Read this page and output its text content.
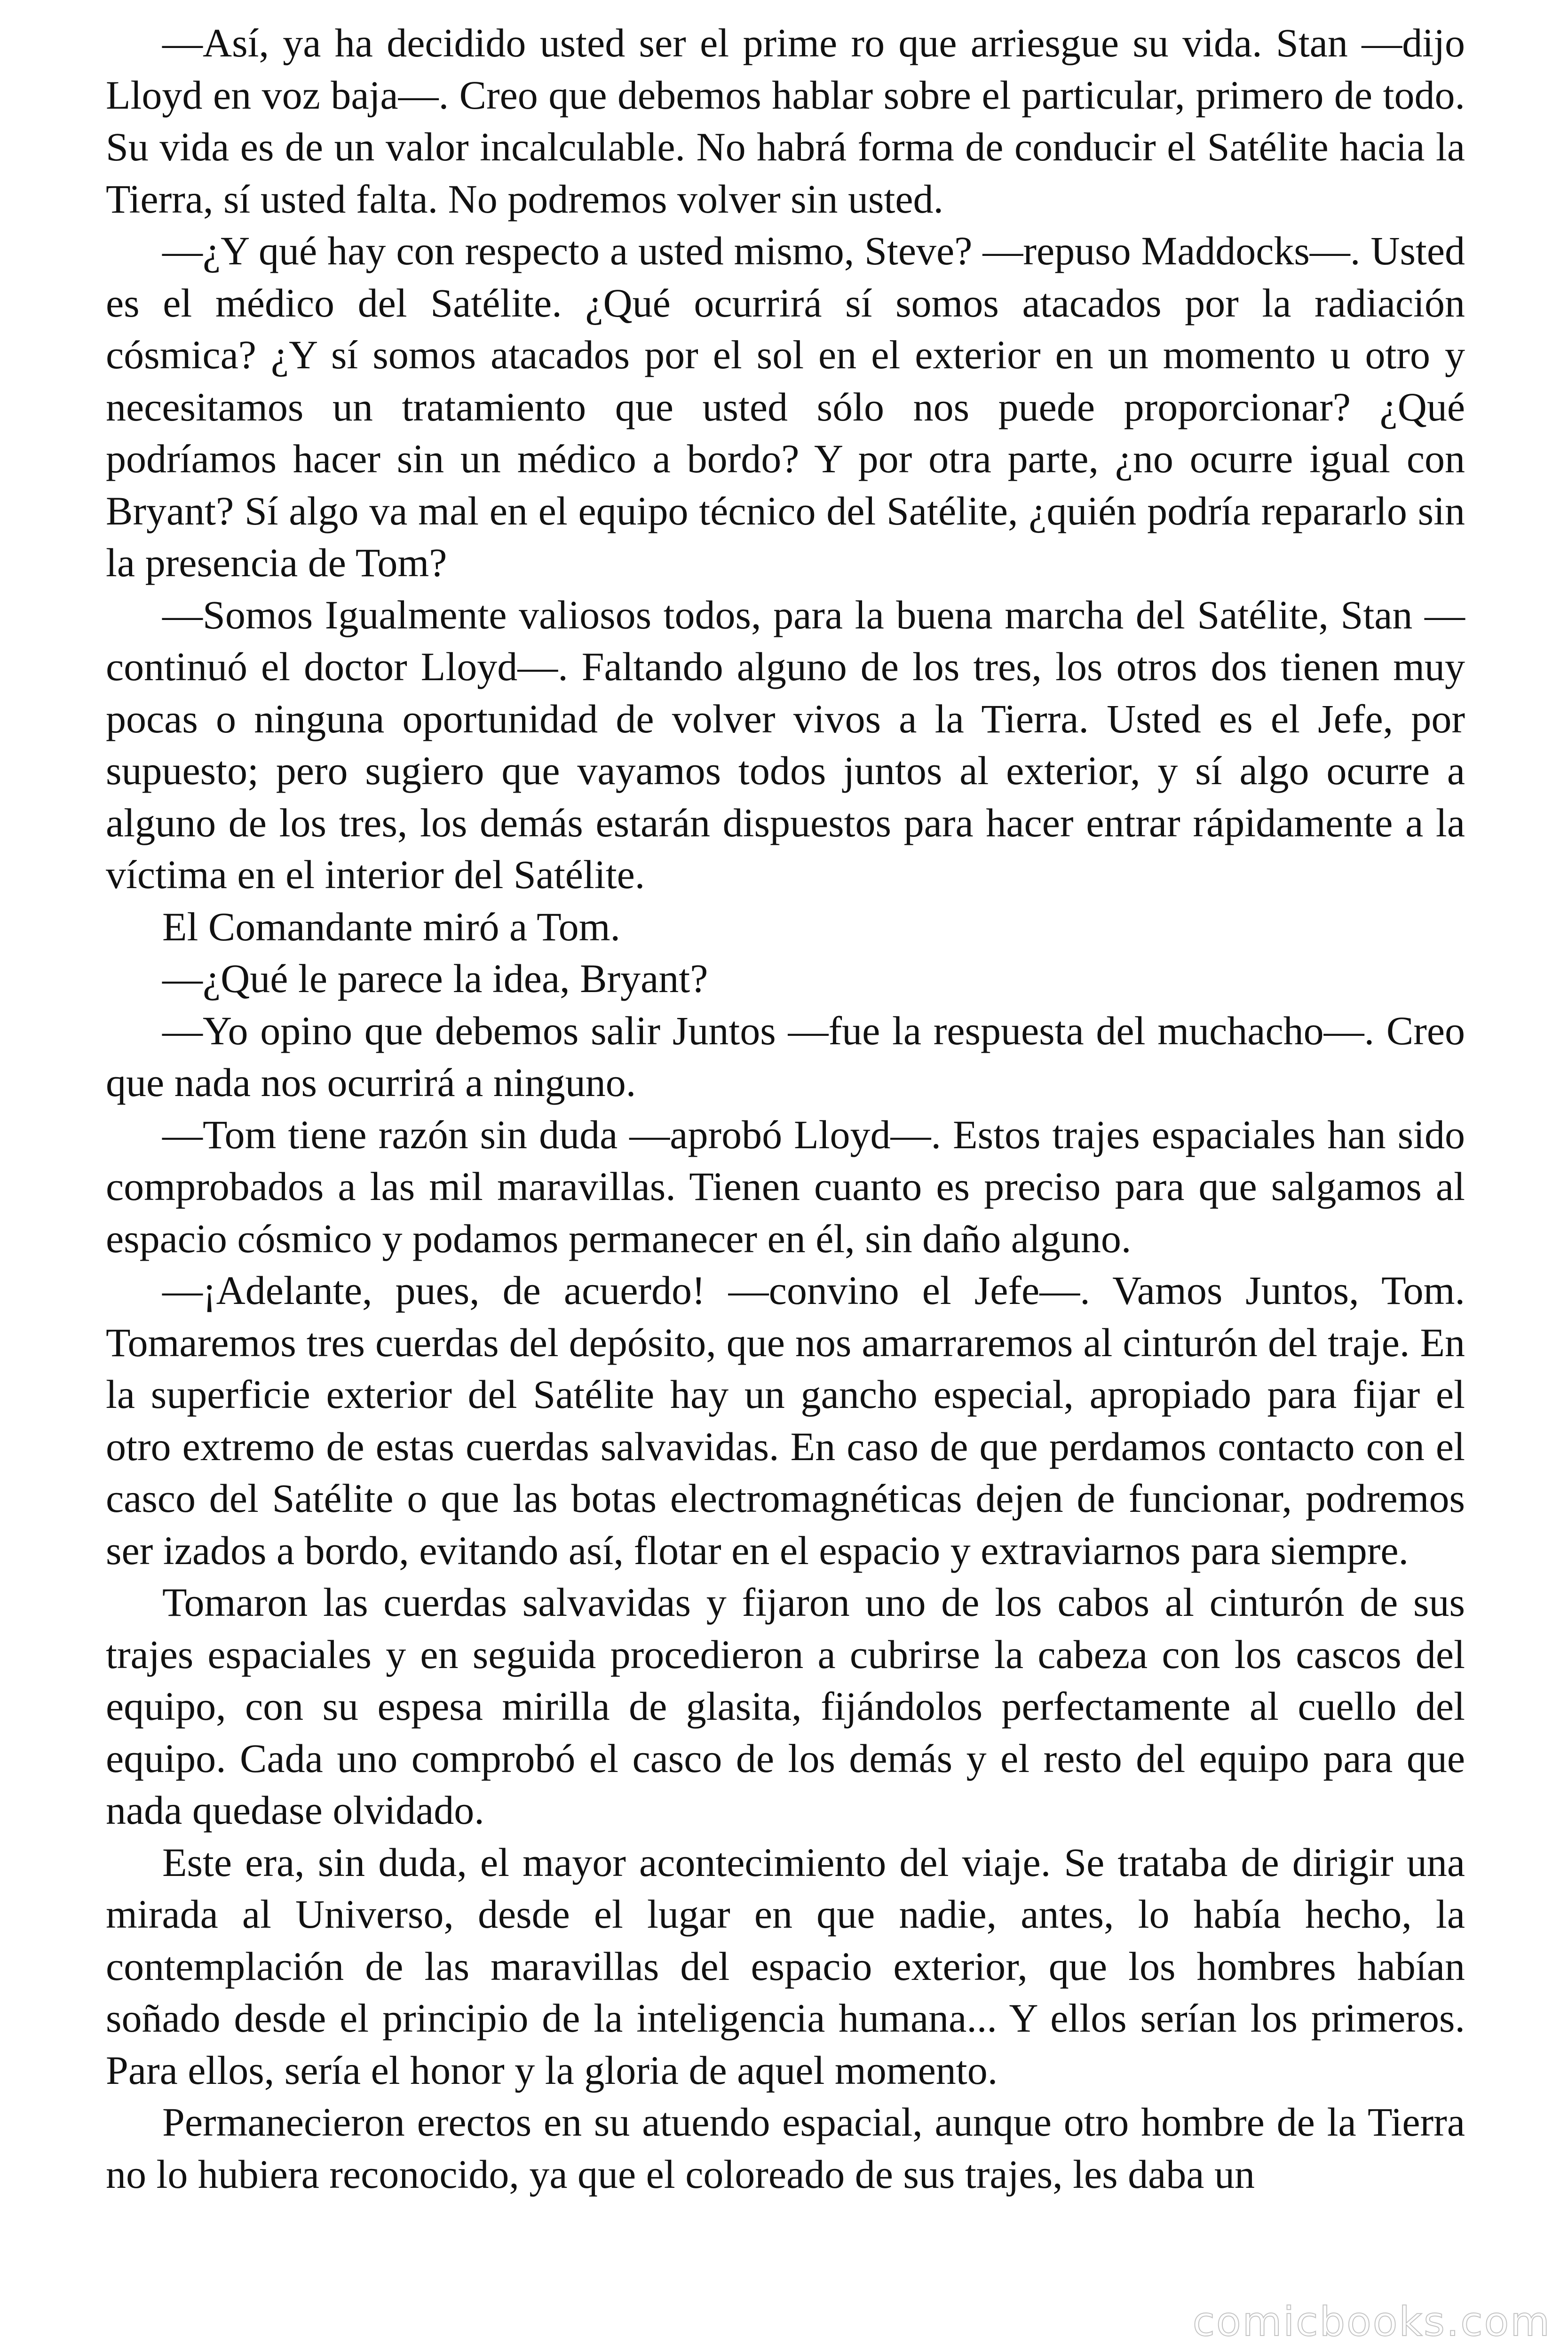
—Así, ya ha decidido usted ser el prime ro que arriesgue su vida. Stan —dijo Lloyd en voz baja—. Creo que debemos hablar sobre el particular, primero de todo. Su vida es de un valor incalculable. No habrá forma de conducir el Satélite hacia la Tierra, sí usted falta. No podremos volver sin usted.

—¿Y qué hay con respecto a usted mismo, Steve? —repuso Maddocks—. Usted es el médico del Satélite. ¿Qué ocurrirá sí somos atacados por la radiación cósmica? ¿Y sí somos atacados por el sol en el exterior en un momento u otro y necesitamos un tratamiento que usted sólo nos puede proporcionar? ¿Qué podríamos hacer sin un médico a bordo? Y por otra parte, ¿no ocurre igual con Bryant? Sí algo va mal en el equipo técnico del Satélite, ¿quién podría repararlo sin la presencia de Tom?

—Somos Igualmente valiosos todos, para la buena marcha del Satélite, Stan —continuó el doctor Lloyd—. Faltando alguno de los tres, los otros dos tienen muy pocas o ninguna oportunidad de volver vivos a la Tierra. Usted es el Jefe, por supuesto; pero sugiero que vayamos todos juntos al exterior, y sí algo ocurre a alguno de los tres, los demás estarán dispuestos para hacer entrar rápidamente a la víctima en el interior del Satélite.

El Comandante miró a Tom.

—¿Qué le parece la idea, Bryant?

—Yo opino que debemos salir Juntos —fue la respuesta del muchacho—. Creo que nada nos ocurrirá a ninguno.

—Tom tiene razón sin duda —aprobó Lloyd—. Estos trajes espaciales han sido comprobados a las mil maravillas. Tienen cuanto es preciso para que salgamos al espacio cósmico y podamos permanecer en él, sin daño alguno.

—¡Adelante, pues, de acuerdo! —convino el Jefe—. Vamos Juntos, Tom. Tomaremos tres cuerdas del depósito, que nos amarraremos al cinturón del traje. En la superficie exterior del Satélite hay un gancho especial, apropiado para fijar el otro extremo de estas cuerdas salvavidas. En caso de que perdamos contacto con el casco del Satélite o que las botas electromagnéticas dejen de funcionar, podremos ser izados a bordo, evitando así, flotar en el espacio y extraviarnos para siempre.

Tomaron las cuerdas salvavidas y fijaron uno de los cabos al cinturón de sus trajes espaciales y en seguida procedieron a cubrirse la cabeza con los cascos del equipo, con su espesa mirilla de glasita, fijándolos perfectamente al cuello del equipo. Cada uno comprobó el casco de los demás y el resto del equipo para que nada quedase olvidado.

Este era, sin duda, el mayor acontecimiento del viaje. Se trataba de dirigir una mirada al Universo, desde el lugar en que nadie, antes, lo había hecho, la contemplación de las maravillas del espacio exterior, que los hombres habían soñado desde el principio de la inteligencia humana... Y ellos serían los primeros. Para ellos, sería el honor y la gloria de aquel momento.

Permanecieron erectos en su atuendo espacial, aunque otro hombre de la Tierra no lo hubiera reconocido, ya que el coloreado de sus trajes, les daba un

comicbooks.com
